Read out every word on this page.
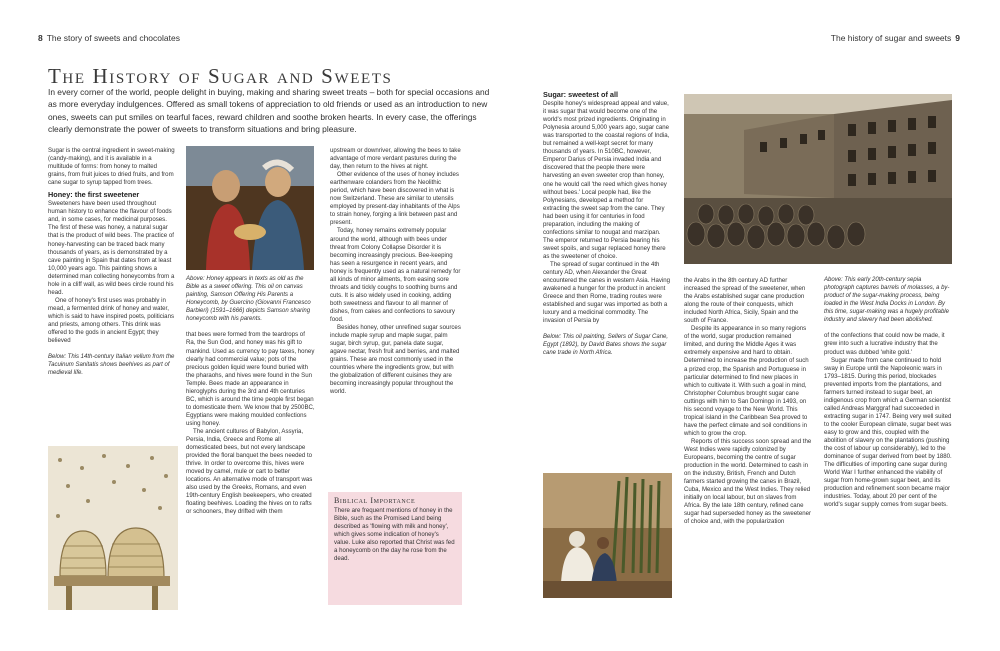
8 The story of sweets and chocolates	The history of sugar and sweets 9
The History of Sugar and Sweets
In every corner of the world, people delight in buying, making and sharing sweet treats – both for special occasions and as more everyday indulgences. Offered as small tokens of appreciation to old friends or used as an introduction to new ones, sweets can put smiles on tearful faces, reward children and soothe broken hearts. In every case, the offerings clearly demonstrate the power of sweets to transform situations and bring pleasure.

Sugar is the central ingredient in sweet-making (candy-making), and it is available in a multitude of forms: from honey to malted grains, from fruit juices to dried fruits, and from cane sugar to syrup tapped from trees.

Honey: the first sweetener

Sweeteners have been used throughout human history to enhance the flavour of foods and, in some cases, for medicinal purposes. The first of these was honey, a natural sugar that is the product of wild bees. The practice of honey-harvesting can be traced back many thousands of years, as is demonstrated by a cave painting in Spain that dates from at least 10,000 years ago. This painting shows a determined man collecting honeycombs from a hole in a cliff wall, as wild bees circle round his head.

One of honey's first uses was probably in mead, a fermented drink of honey and water, which is said to have inspired poets, politicians and priests, among others. This drink was offered to the gods in ancient Egypt; they believed

Below: This 14th-century Italian vellum from the Tacuinum Sanitatis shows beehives as part of medieval life.

Above: Honey appears in texts as old as the Bible as a sweet offering. This oil on canvas painting, Samson Offering His Parents a Honeycomb, by Guercino (Giovanni Francesco Barbieri) (1591–1666) depicts Samson sharing honeycomb with his parents.

that bees were formed from the teardrops of Ra, the Sun God, and honey was his gift to mankind. Used as currency to pay taxes, honey clearly had commercial value; pots of the precious golden liquid were found buried with the pharaohs, and hives were found in the Sun Temple. Bees made an appearance in hieroglyphs during the 3rd and 4th centuries BC, which is around the time people first began to domesticate them. We know that by 2500BC, Egyptians were making moulded confections using honey.

The ancient cultures of Babylon, Assyria, Persia, India, Greece and Rome all domesticated bees, but not every landscape provided the floral banquet the bees needed to thrive. In order to overcome this, hives were moved by camel, mule or cart to better locations. An alternative mode of transport was also used by the Greeks, Romans, and even 19th-century English beekeepers, who created floating beehives. Loading the hives on to rafts or schooners, they drifted with them

upstream or downriver, allowing the bees to take advantage of more verdant pastures during the day, then return to the hives at night.

Other evidence of the uses of honey includes earthenware colanders from the Neolithic period, which have been discovered in what is now Switzerland. These are similar to utensils employed by present-day inhabitants of the Alps to strain honey, forging a link between past and present.

Today, honey remains extremely popular around the world, although with bees under threat from Colony Collapse Disorder it is becoming increasingly precious. Bee-keeping has seen a resurgence in recent years, and honey is frequently used as a natural remedy for all kinds of minor ailments, from easing sore throats and tickly coughs to soothing burns and cuts. It is also widely used in cooking, adding both sweetness and flavour to all manner of dishes, from cakes and confections to savoury food.

Besides honey, other unrefined sugar sources include maple syrup and maple sugar, palm sugar, birch syrup, gur, panela date sugar, agave nectar, fresh fruit and berries, and malted grains. These are most commonly used in the countries where the ingredients grow, but with the globalization of different cuisines they are becoming increasingly popular throughout the world.

Biblical Importance

There are frequent mentions of honey in the Bible, such as the Promised Land being described as 'flowing with milk and honey', which gives some indication of honey's value. Luke also reported that Christ was fed a honeycomb on the day he rose from the dead.

Sugar: sweetest of all

Despite honey's widespread appeal and value, it was sugar that would become one of the world's most prized ingredients. Originating in Polynesia around 5,000 years ago, sugar cane was transported to the coastal regions of India, but remained a well-kept secret for many thousands of years. In 510BC, however, Emperor Darius of Persia invaded India and discovered that the people there were harvesting an even sweeter crop than honey, one he would call 'the reed which gives honey without bees.' Local people had, like the Polynesians, developed a method for extracting the sweet sap from the cane. They had been using it for centuries in food preparation, including the making of confections similar to nougat and marzipan. The emperor returned to Persia bearing his sweet spoils, and sugar replaced honey there as the sweetener of choice.

The spread of sugar continued in the 4th century AD, when Alexander the Great encountered the canes in western Asia. Having awakened a hunger for the product in ancient Greece and then Rome, trading routes were established and sugar was imported as both a luxury and a medicinal commodity. The invasion of Persia by

Below: This oil painting, Sellers of Sugar Cane, Egypt (1892), by David Bates shows the sugar cane trade in North Africa.

the Arabs in the 8th century AD further increased the spread of the sweetener, when the Arabs established sugar cane production along the route of their conquests, which included North Africa, Sicily, Spain and the south of France.

Despite its appearance in so many regions of the world, sugar production remained limited, and during the Middle Ages it was extremely expensive and hard to obtain. Determined to increase the production of such a prized crop, the Spanish and Portuguese in particular determined to find new places in which to cultivate it. With such a goal in mind, Christopher Columbus brought sugar cane cuttings with him to San Domingo in 1493, on his second voyage to the New World. This tropical island in the Caribbean Sea proved to have the perfect climate and soil conditions in which to grow the crop.

Reports of this success soon spread and the West Indies were rapidly colonized by Europeans, becoming the centre of sugar production in the world. Determined to cash in on the industry, British, French and Dutch farmers started growing the canes in Brazil, Cuba, Mexico and the West Indies. They relied initially on local labour, but on slaves from Africa. By the late 18th century, refined cane sugar had superseded honey as the sweetener of choice and, with the popularization

Above: This early 20th-century sepia photograph captures barrels of molasses, a by-product of the sugar-making process, being loaded in the West India Docks in London. By this time, sugar-making was a hugely profitable industry and slavery had been abolished.

of the confections that could now be made, it grew into such a lucrative industry that the product was dubbed 'white gold.'

Sugar made from cane continued to hold sway in Europe until the Napoleonic wars in 1793–1815. During this period, blockades prevented imports from the plantations, and farmers turned instead to sugar beet, an indigenous crop from which a German scientist called Andreas Marggraf had succeeded in extracting sugar in 1747. Being very well suited to the cooler European climate, sugar beet was easy to grow and this, coupled with the abolition of slavery on the plantations (pushing the cost of labour up considerably), led to the dominance of sugar derived from beet by 1880. The difficulties of importing cane sugar during World War I further enhanced the viability of sugar from home-grown sugar beet, and its production and refinement soon became major industries. Today, about 20 per cent of the world's sugar supply comes from sugar beets.
